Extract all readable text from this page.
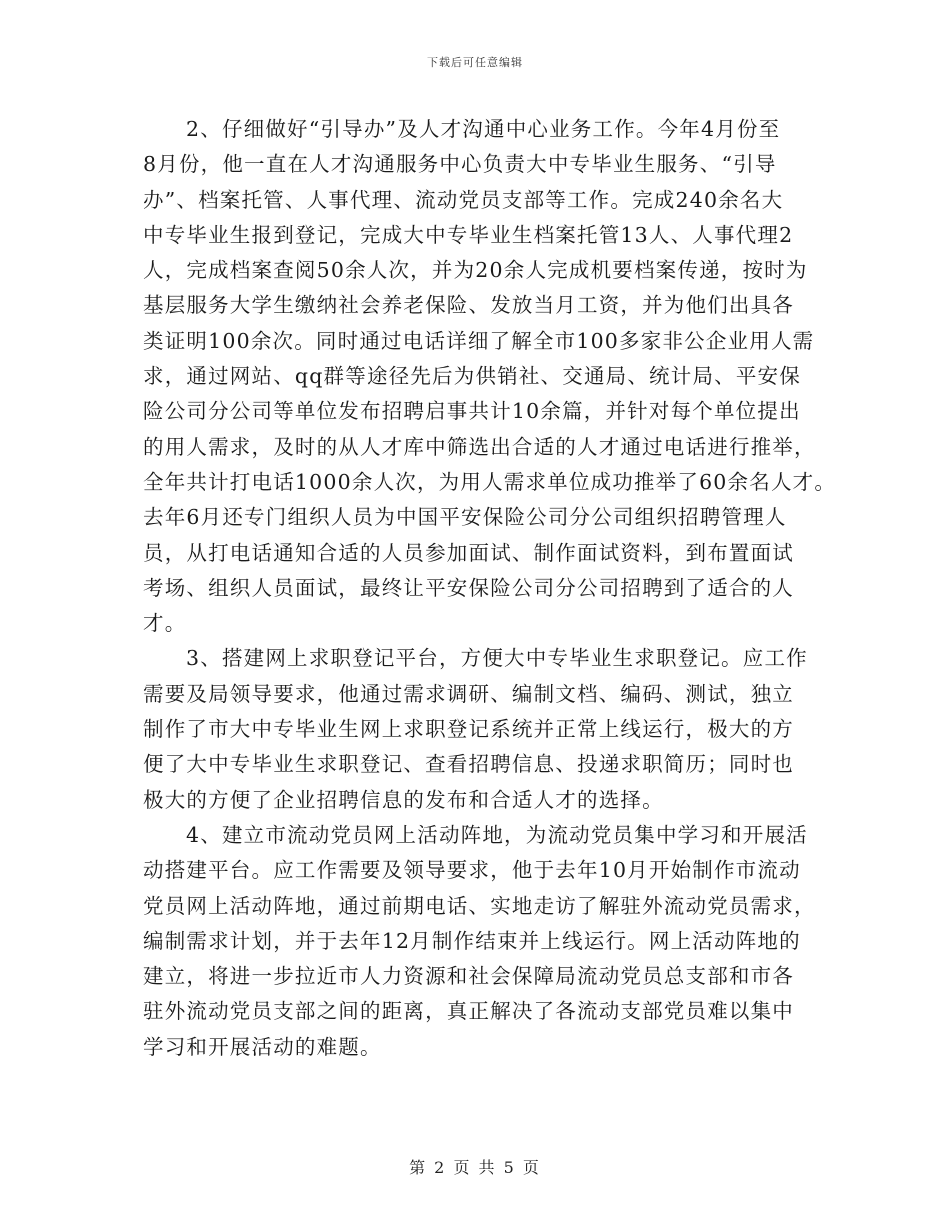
下载后可任意编辑

2、仔细做好“引导办”及人才沟通中心业务工作。今年4月份至
8月份，他一直在人才沟通服务中心负责大中专毕业生服务、“引导
办”、档案托管、人事代理、流动党员支部等工作。完成240余名大
中专毕业生报到登记，完成大中专毕业生档案托管13人、人事代理2
人，完成档案查阅50余人次，并为20余人完成机要档案传递，按时为
基层服务大学生缴纳社会养老保险、发放当月工资，并为他们出具各
类证明100余次。同时通过电话详细了解全市100多家非公企业用人需
求，通过网站、qq群等途径先后为供销社、交通局、统计局、平安保
险公司分公司等单位发布招聘启事共计10余篇，并针对每个单位提出
的用人需求，及时的从人才库中筛选出合适的人才通过电话进行推举，
全年共计打电话1000余人次，为用人需求单位成功推举了60余名人才。
去年6月还专门组织人员为中国平安保险公司分公司组织招聘管理人
员，从打电话通知合适的人员参加面试、制作面试资料，到布置面试
考场、组织人员面试，最终让平安保险公司分公司招聘到了适合的人
才。

3、搭建网上求职登记平台，方便大中专毕业生求职登记。应工作
需要及局领导要求，他通过需求调研、编制文档、编码、测试，独立
制作了市大中专毕业生网上求职登记系统并正常上线运行，极大的方
便了大中专毕业生求职登记、查看招聘信息、投递求职简历；同时也
极大的方便了企业招聘信息的发布和合适人才的选择。

4、建立市流动党员网上活动阵地，为流动党员集中学习和开展活
动搭建平台。应工作需要及领导要求，他于去年10月开始制作市流动
党员网上活动阵地，通过前期电话、实地走访了解驻外流动党员需求，
编制需求计划，并于去年12月制作结束并上线运行。网上活动阵地的
建立，将进一步拉近市人力资源和社会保障局流动党员总支部和市各
驻外流动党员支部之间的距离，真正解决了各流动支部党员难以集中
学习和开展活动的难题。

第 2 页 共 5 页
